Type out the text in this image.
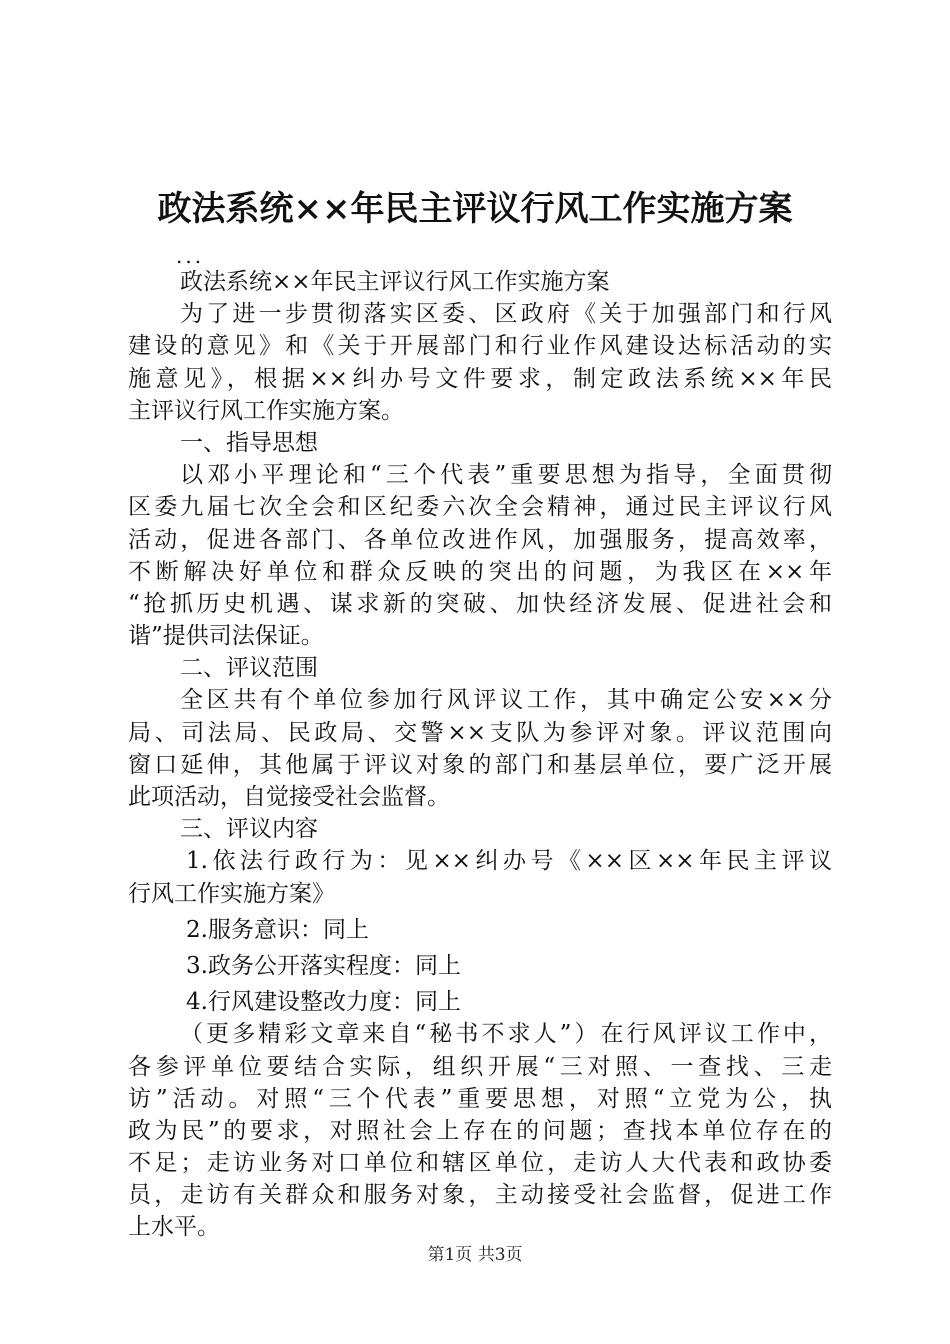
政法系统××年民主评议行风工作实施方案
...
政法系统××年民主评议行风工作实施方案
为了进一步贯彻落实区委、区政府《关于加强部门和行风
建设的意见》和《关于开展部门和行业作风建设达标活动的实
施意见》，根据××纠办号文件要求，制定政法系统××年民
主评议行风工作实施方案。
一、指导思想
以邓小平理论和“三个代表”重要思想为指导，全面贯彻
区委九届七次全会和区纪委六次全会精神，通过民主评议行风
活动，促进各部门、各单位改进作风，加强服务，提高效率，
不断解决好单位和群众反映的突出的问题，为我区在××年
“抢抓历史机遇、谋求新的突破、加快经济发展、促进社会和
谐”提供司法保证。
二、评议范围
全区共有个单位参加行风评议工作，其中确定公安××分
局、司法局、民政局、交警××支队为参评对象。评议范围向
窗口延伸，其他属于评议对象的部门和基层单位，要广泛开展
此项活动，自觉接受社会监督。
三、评议内容
1.依法行政行为：见××纠办号《××区××年民主评议
行风工作实施方案》
2.服务意识：同上
3.政务公开落实程度：同上
4.行风建设整改力度：同上
（更多精彩文章来自“秘书不求人”）在行风评议工作中，
各参评单位要结合实际，组织开展“三对照、一查找、三走
访”活动。对照“三个代表”重要思想，对照“立党为公，执
政为民”的要求，对照社会上存在的问题；查找本单位存在的
不足；走访业务对口单位和辖区单位，走访人大代表和政协委
员，走访有关群众和服务对象，主动接受社会监督，促进工作
上水平。
第1页 共3页
